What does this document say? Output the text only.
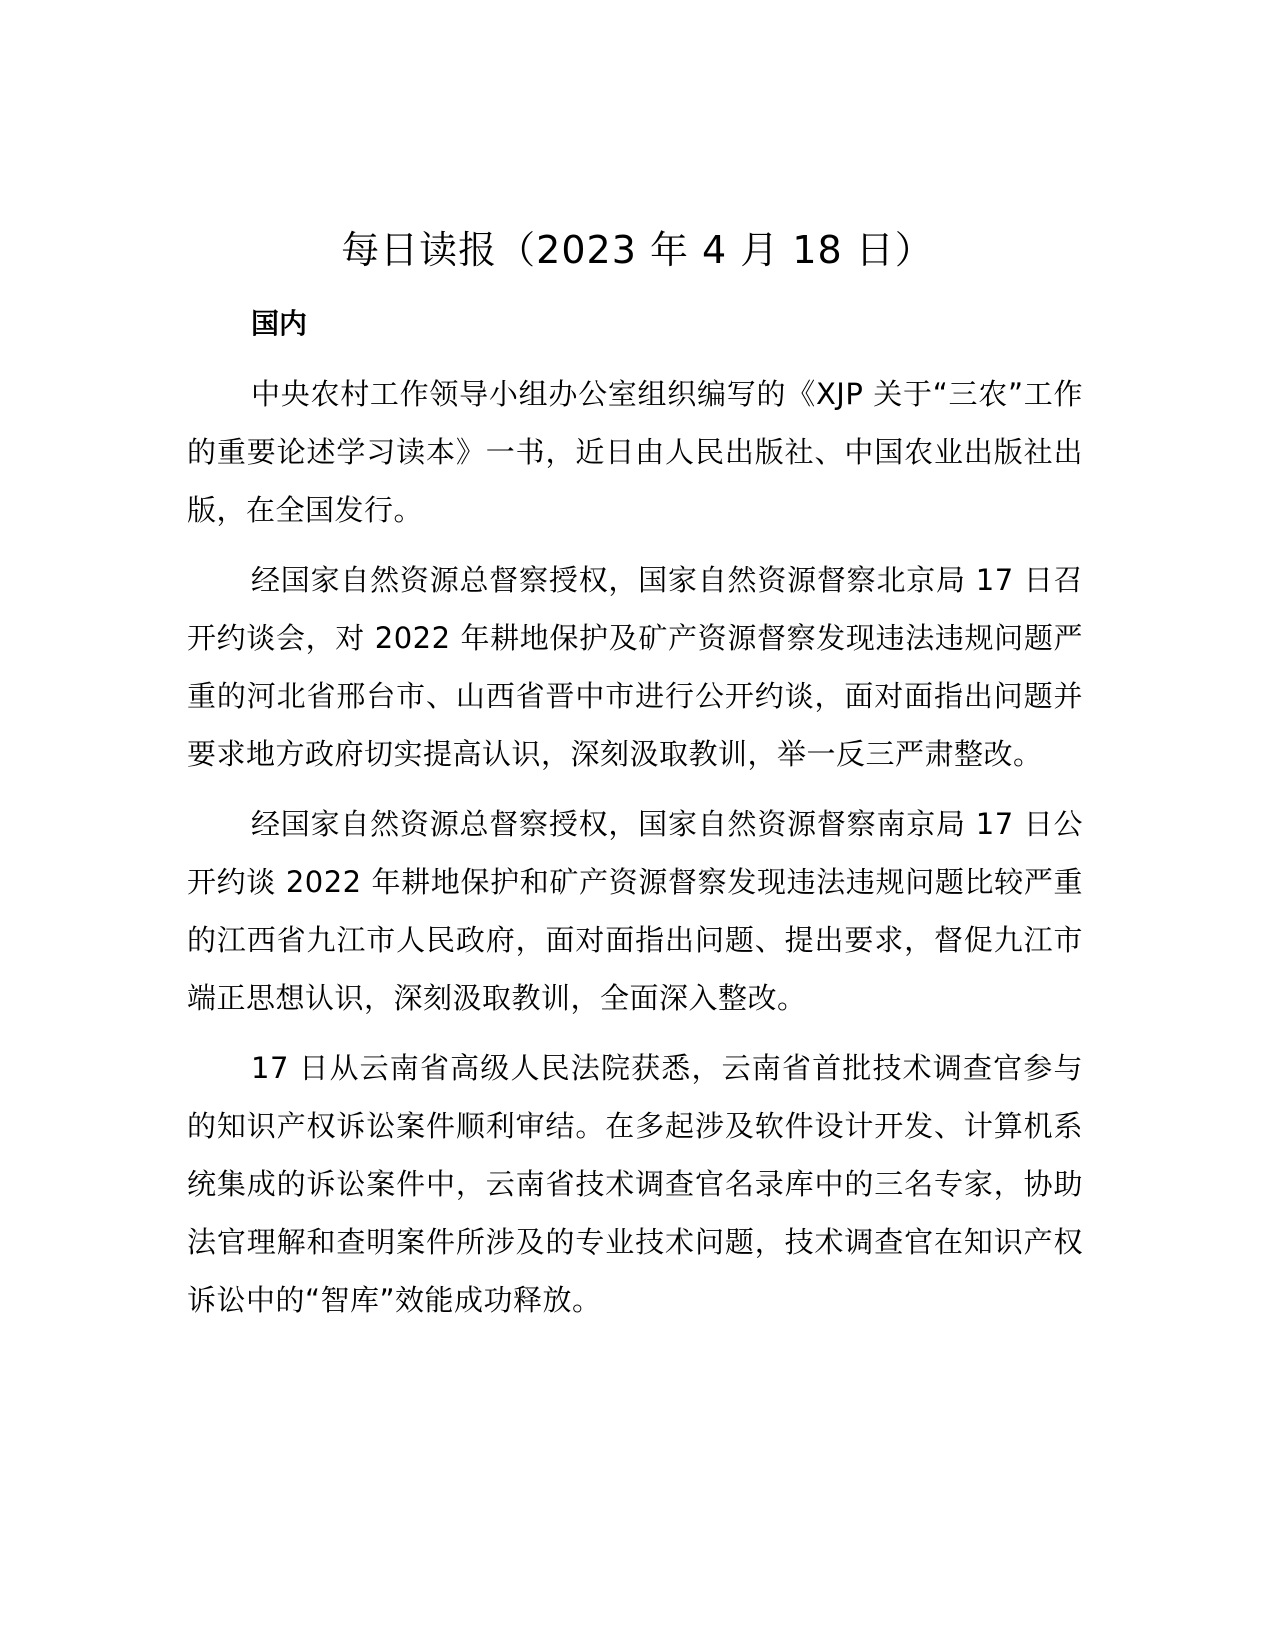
每日读报（2023 年 4 月 18 日）

国内

中央农村工作领导小组办公室组织编写的《XJP 关于“三农”工作的重要论述学习读本》一书，近日由人民出版社、中国农业出版社出版，在全国发行。

经国家自然资源总督察授权，国家自然资源督察北京局 17 日召开约谈会，对 2022 年耕地保护及矿产资源督察发现违法违规问题严重的河北省邢台市、山西省晋中市进行公开约谈，面对面指出问题并要求地方政府切实提高认识，深刻汲取教训，举一反三严肃整改。

经国家自然资源总督察授权，国家自然资源督察南京局 17 日公开约谈 2022 年耕地保护和矿产资源督察发现违法违规问题比较严重的江西省九江市人民政府，面对面指出问题、提出要求，督促九江市端正思想认识，深刻汲取教训，全面深入整改。

17 日从云南省高级人民法院获悉，云南省首批技术调查官参与的知识产权诉讼案件顺利审结。在多起涉及软件设计开发、计算机系统集成的诉讼案件中，云南省技术调查官名录库中的三名专家，协助法官理解和查明案件所涉及的专业技术问题，技术调查官在知识产权诉讼中的“智库”效能成功释放。
